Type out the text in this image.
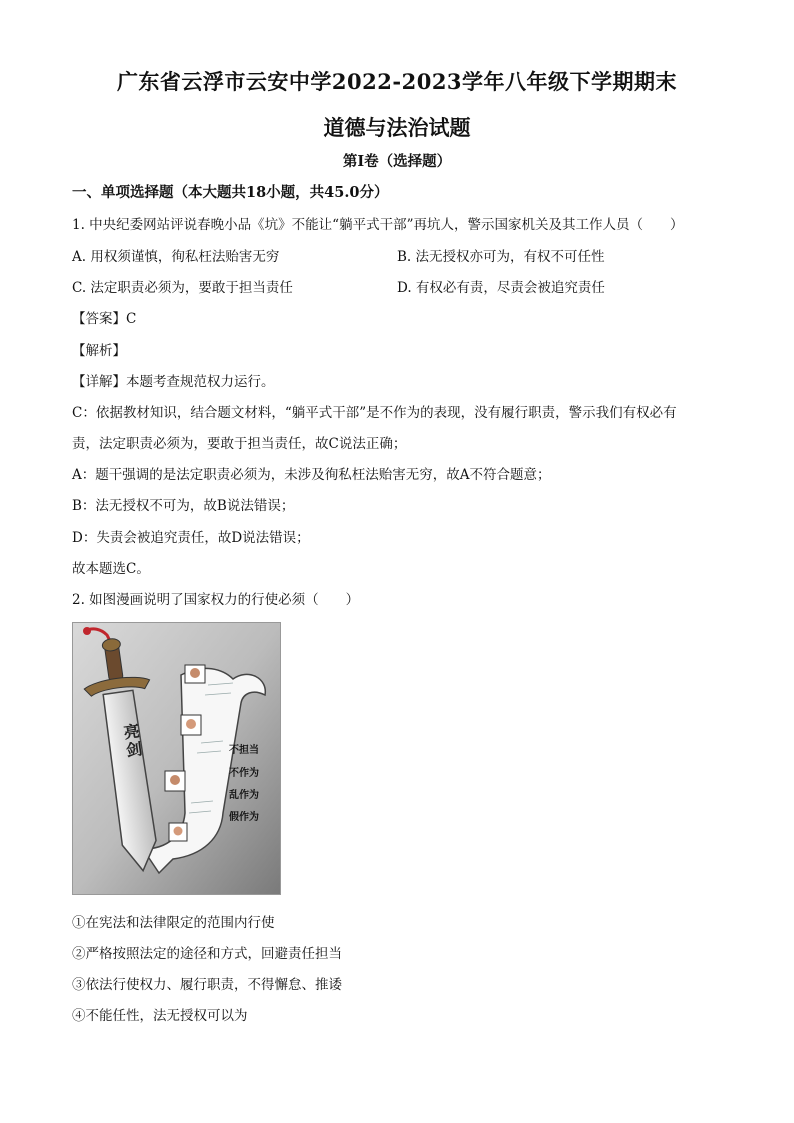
广东省云浮市云安中学2022-2023学年八年级下学期期末
道德与法治试题
第I卷（选择题）
一、单项选择题（本大题共18小题，共45.0分）
1. 中央纪委网站评说春晚小品《坑》不能让“躺平式干部”再坑人，警示国家机关及其工作人员（　　）
A. 用权须谨慎，徇私枉法贻害无穷	B. 法无授权亦可为，有权不可任性
C. 法定职责必须为，要敢于担当责任	D. 有权必有责，尽责会被追究责任
【答案】C
【解析】
【详解】本题考查规范权力运行。
C：依据教材知识，结合题文材料，“躺平式干部”是不作为的表现，没有履行职责，警示我们有权必有
责，法定职责必须为，要敢于担当责任，故C说法正确；
A：题干强调的是法定职责必须为，未涉及徇私枉法贻害无穷，故A不符合题意；
B：法无授权不可为，故B说法错误；
D：失责会被追究责任，故D说法错误；
故本题选C。
2. 如图漫画说明了国家权力的行使必须（　　）
亮剑	不担当
不作为
乱作为
假作为
①在宪法和法律限定的范围内行使
②严格按照法定的途径和方式，回避责任担当
③依法行使权力、履行职责，不得懈怠、推诿
④不能任性，法无授权可以为
